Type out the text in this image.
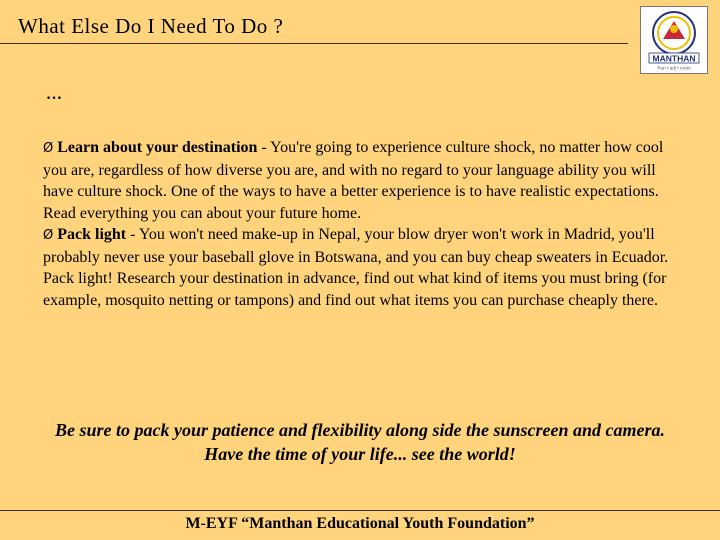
What Else Do I Need To Do ?
MANTHAN
Run • adi • Arorn
…

Ø Learn about your destination - You're going to experience culture shock, no matter how cool you are, regardless of how diverse you are, and with no regard to your language ability you will have culture shock. One of the ways to have a better experience is to have realistic expectations. Read everything you can about your future home.

Ø Pack light - You won't need make-up in Nepal, your blow dryer won't work in Madrid, you'll probably never use your baseball glove in Botswana, and you can buy cheap sweaters in Ecuador. Pack light! Research your destination in advance, find out what kind of items you must bring (for example, mosquito netting or tampons) and find out what items you can purchase cheaply there.

Be sure to pack your patience and flexibility along side the sunscreen and camera. Have the time of your life... see the world!
M-EYF “Manthan Educational Youth Foundation”
